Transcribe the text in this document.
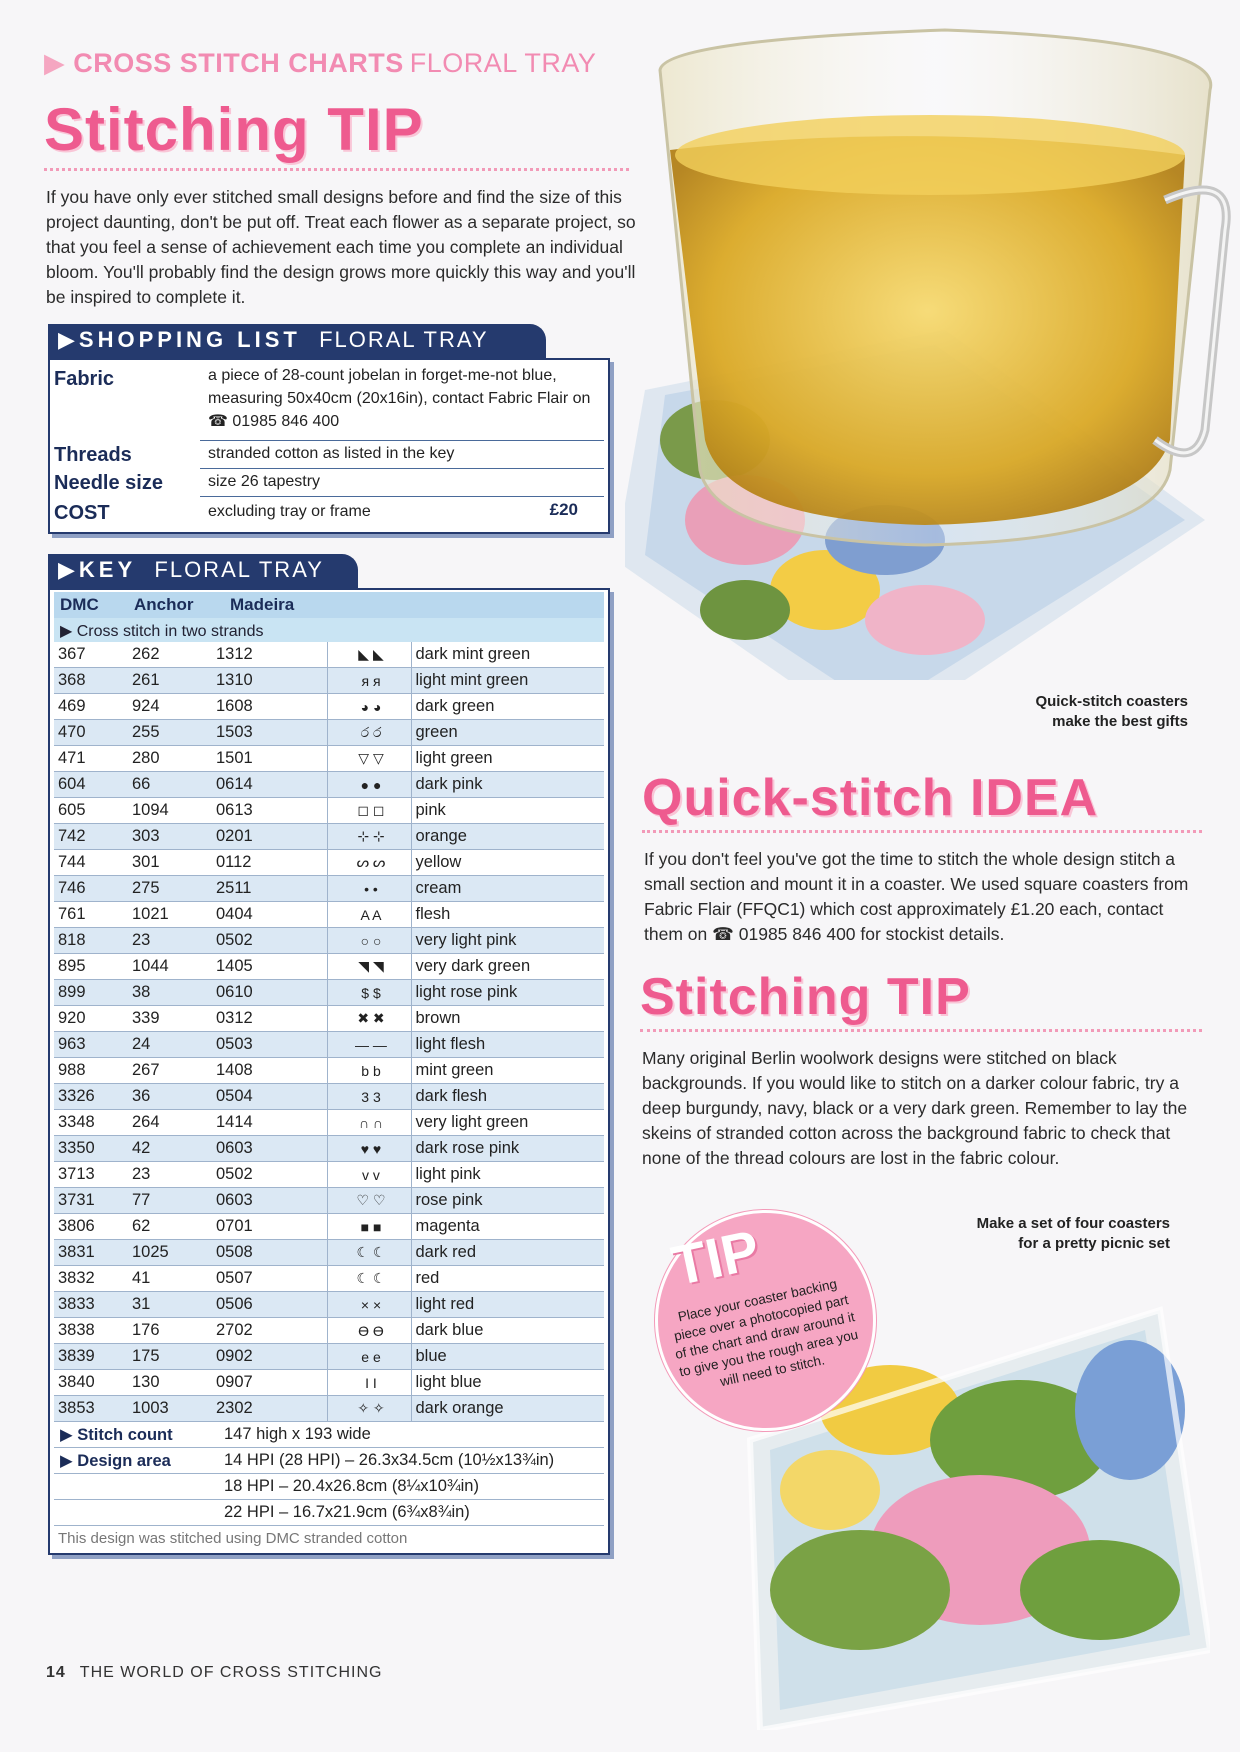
▶ CROSS STITCH CHARTS FLORAL TRAY
Stitching TIP

If you have only ever stitched small designs before and find the size of this project daunting, don't be put off. Treat each flower as a separate project, so that you feel a sense of achievement each time you complete an individual bloom. You'll probably find the design grows more quickly this way and you'll be inspired to complete it.

▶SHOPPING LIST FLORAL TRAY
Fabric	a piece of 28-count jobelan in forget-me-not blue, measuring 50x40cm (20x16in), contact Fabric Flair on ☎ 01985 846 400
Threads	stranded cotton as listed in the key
Needle size	size 26 tapestry
COST	excluding tray or frame	£20
▶KEY FLORAL TRAY
DMC Anchor Madeira
▶ Cross stitch in two strands
367	262	1312	◣ ◣	dark mint green
368	261	1310	я я	light mint green
469	924	1608	◕ ◕	dark green
470	255	1503	ර ර	green
471	280	1501	▽ ▽	light green
604	66	0614	● ●	dark pink
605	1094	0613	◻ ◻	pink
742	303	0201	⊹ ⊹	orange
744	301	0112	ᔕ ᔕ	yellow
746	275	2511	• •	cream
761	1021	0404	A A	flesh
818	23	0502	○ ○	very light pink
895	1044	1405	◥ ◥	very dark green
899	38	0610	$ $	light rose pink
920	339	0312	✖ ✖	brown
963	24	0503	— —	light flesh
988	267	1408	b b	mint green
3326	36	0504	3 3	dark flesh
3348	264	1414	∩ ∩	very light green
3350	42	0603	♥ ♥	dark rose pink
3713	23	0502	v v	light pink
3731	77	0603	♡ ♡	rose pink
3806	62	0701	■ ■	magenta
3831	1025	0508	☾ ☾	dark red
3832	41	0507	☾ ☾	red
3833	31	0506	× ×	light red
3838	176	2702	ϴ ϴ	dark blue
3839	175	0902	e e	blue
3840	130	0907	I I	light blue
3853	1003	2302	✧ ✧	dark orange
▶ Stitch count	147 high x 193 wide
▶ Design area	14 HPI (28 HPI) – 26.3x34.5cm (10½x13¾in)
18 HPI – 20.4x26.8cm (8¼x10¾in)
22 HPI – 16.7x21.9cm (6¾x8¾in)
This design was stitched using DMC stranded cotton
Quick-stitch coasters
make the best gifts
Quick-stitch IDEA

If you don't feel you've got the time to stitch the whole design stitch a small section and mount it in a coaster. We used square coasters from Fabric Flair (FFQC1) which cost approximately £1.20 each, contact them on ☎ 01985 846 400 for stockist details.

Stitching TIP

Many original Berlin woolwork designs were stitched on black backgrounds. If you would like to stitch on a darker colour fabric, try a deep burgundy, navy, black or a very dark green. Remember to lay the skeins of stranded cotton across the background fabric to check that none of the thread colours are lost in the fabric colour.

Make a set of four coasters
for a pretty picnic set
TIP
Place your coaster backing piece over a photocopied part of the chart and draw around it to give you the rough area you will need to stitch.
14 THE WORLD OF CROSS STITCHING
